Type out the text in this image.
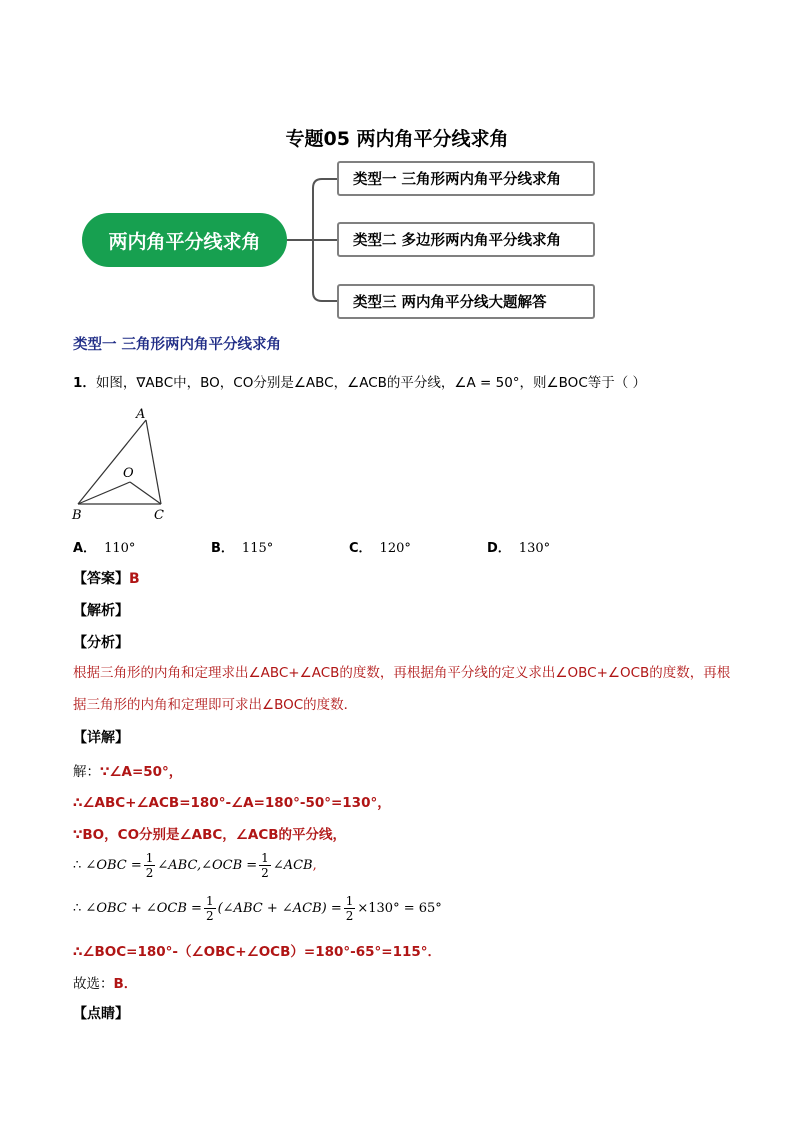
专题05 两内角平分线求角
两内角平分线求角
类型一 三角形两内角平分线求角
类型二 多边形两内角平分线求角
类型三 两内角平分线大题解答
类型一 三角形两内角平分线求角
1．如图，∇ABC中，BO，CO分别是∠ABC，∠ACB的平分线，∠A = 50°，则∠BOC等于（ ）
A
O
B	C
A． 110°	B． 115°	C． 120°	D． 130°
【答案】B
【解析】
【分析】
根据三角形的内角和定理求出∠ABC+∠ACB的度数，再根据角平分线的定义求出∠OBC+∠OCB的度数，再根据三角形的内角和定理即可求出∠BOC的度数．
【详解】
解：∵∠A=50°，
∴∠ABC+∠ACB=180°-∠A=180°-50°=130°，
∵BO，CO分别是∠ABC，∠ACB的平分线，
∴
∠OBC = $\frac{1}{2}$ ∠ABC,∠OCB = $\frac{1}{2}$ ∠ACB ,
∴
∠OBC + ∠OCB = $\frac{1}{2}$ (∠ABC + ∠ACB) = $\frac{1}{2} \times 130^\circ = 65^\circ$
∴∠BOC=180°-（∠OBC+∠OCB）=180°-65°=115°．
故选：B．
【点睛】
